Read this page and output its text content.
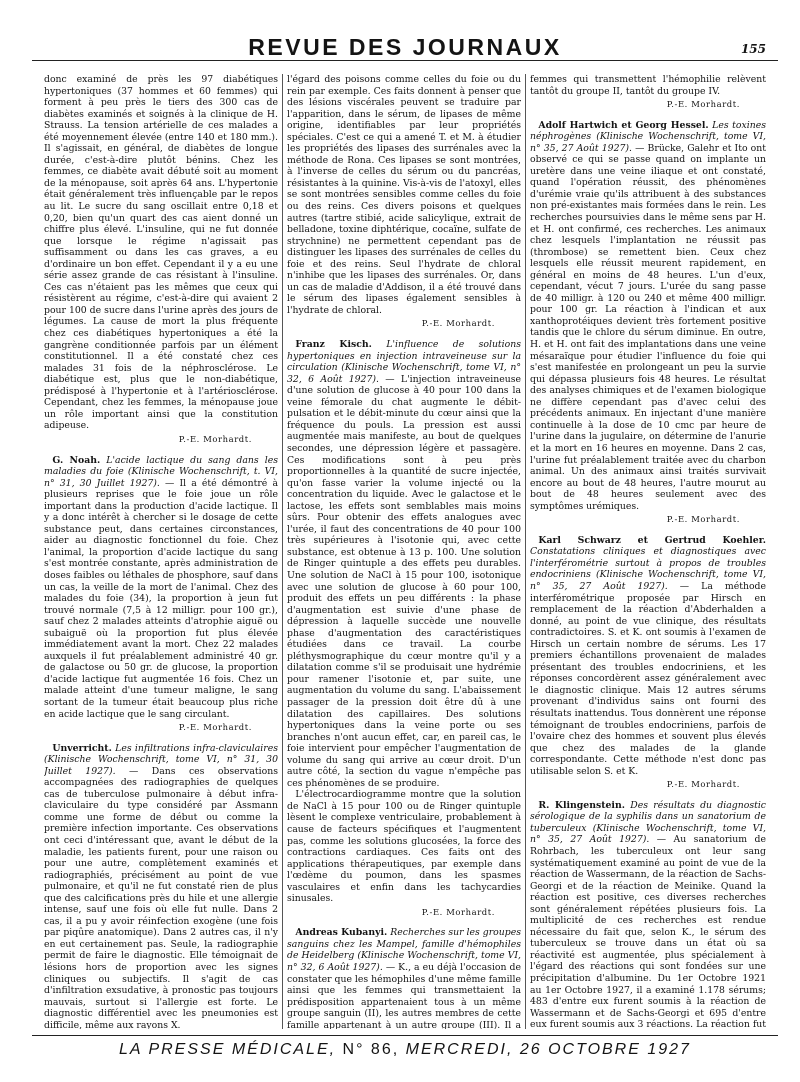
REVUE DES JOURNAUX	155

donc examiné de près les 97 diabétiques hypertoniques (37 hommes et 60 femmes) qui forment à peu près le tiers des 300 cas de diabètes examinés et soignés à la clinique de H. Strauss. La tension artérielle de ces malades a été moyennement élevée (entre 140 et 180 mm.). Il s'agissait, en général, de diabètes de longue durée, c'est-à-dire plutôt bénins. Chez les femmes, ce diabète avait débuté soit au moment de la ménopause, soit après 64 ans. L'hypertonie était généralement très influençable par le repos au lit. Le sucre du sang oscillait entre 0,18 et 0,20, bien qu'un quart des cas aient donné un chiffre plus élevé. L'insuline, qui ne fut donnée que lorsque le régime n'agissait pas suffisamment ou dans les cas graves, a eu d'ordinaire un bon effet. Cependant il y a eu une série assez grande de cas résistant à l'insuline. Ces cas n'étaient pas les mêmes que ceux qui résistèrent au régime, c'est-à-dire qui avaient 2 pour 100 de sucre dans l'urine après des jours de légumes. La cause de mort la plus fréquente chez ces diabétiques hypertoniques a été la gangrène conditionnée parfois par un élément constitutionnel. Il a été constaté chez ces malades 31 fois de la néphrosclérose. Le diabétique est, plus que le non-diabétique, prédisposé à l'hypertonie et à l'artériosclérose. Cependant, chez les femmes, la ménopause joue un rôle important ainsi que la constitution adipeuse.

P.-E. Morhardt.

G. Noah. L'acide lactique du sang dans les maladies du foie (Klinische Wochenschrift, t. VI, n° 31, 30 Juillet 1927). — Il a été démontré à plusieurs reprises que le foie joue un rôle important dans la production d'acide lactique. Il y a donc intérêt à chercher si le dosage de cette substance peut, dans certaines circonstances, aider au diagnostic fonctionnel du foie. Chez l'animal, la proportion d'acide lactique du sang s'est montrée constante, après administration de doses faibles ou léthales de phosphore, sauf dans un cas, la veille de la mort de l'animal. Chez des malades du foie (34), la proportion à jeun fut trouvé normale (7,5 à 12 milligr. pour 100 gr.), sauf chez 2 malades atteints d'atrophie aiguë ou subaiguë où la proportion fut plus élevée immédiatement avant la mort. Chez 22 malades auxquels il fut préalablement administré 40 gr. de galactose ou 50 gr. de glucose, la proportion d'acide lactique fut augmentée 16 fois. Chez un malade atteint d'une tumeur maligne, le sang sortant de la tumeur était beaucoup plus riche en acide lactique que le sang circulant.

P.-E. Morhardt.

Unverricht. Les infiltrations infra-claviculaires (Klinische Wochenschrift, tome VI, n° 31, 30 Juillet 1927). — Dans ces observations accompagnées des radiographies de quelques cas de tuberculose pulmonaire à début infra-claviculaire du type considéré par Assmann comme une forme de début ou comme la première infection importante. Ces observations ont ceci d'intéressant que, avant le début de la maladie, les patients furent, pour une raison ou pour une autre, complètement examinés et radiographiés, précisément au point de vue pulmonaire, et qu'il ne fut constaté rien de plus que des calcifications près du hile et une allergie intense, sauf une fois où elle fut nulle. Dans 2 cas, il a pu y avoir réinfection exogène (une fois par piqûre anatomique). Dans 2 autres cas, il n'y en eut certainement pas. Seule, la radiographie permit de faire le diagnostic. Elle témoignait de lésions hors de proportion avec les signes cliniques ou subjectifs. Il s'agit de cas d'infiltration exsudative, à pronostic pas toujours mauvais, surtout si l'allergie est forte. Le diagnostic différentiel avec les pneumonies est difficile, même aux rayons X.

l'égard des poisons comme celles du foie ou du rein par exemple. Ces faits donnent à penser que des lésions viscérales peuvent se traduire par l'apparition, dans le sérum, de lipases de même origine, identifiables par leur propriétés spéciales. C'est ce qui a amené T. et M. à étudier les propriétés des lipases des surrénales avec la méthode de Rona. Ces lipases se sont montrées, à l'inverse de celles du sérum ou du pancréas, résistantes à la quinine. Vis-à-vis de l'atoxyl, elles se sont montrées sensibles comme celles du foie ou des reins. Ces divers poisons et quelques autres (tartre stibié, acide salicylique, extrait de belladone, toxine diphtérique, cocaïne, sulfate de strychnine) ne permettent cependant pas de distinguer les lipases des surrénales de celles du foie et des reins. Seul l'hydrate de chloral n'inhibe que les lipases des surrénales. Or, dans un cas de maladie d'Addison, il a été trouvé dans le sérum des lipases également sensibles à l'hydrate de chloral.

P.-E. Morhardt.

Franz Kisch. L'influence de solutions hypertoniques en injection intraveineuse sur la circulation (Klinische Wochenschrift, tome VI, n° 32, 6 Août 1927). — L'injection intraveineuse d'une solution de glucose à 40 pour 100 dans la veine fémorale du chat augmente le débit-pulsation et le débit-minute du cœur ainsi que la fréquence du pouls. La pression est aussi augmentée mais manifeste, au bout de quelques secondes, une dépression légère et passagère. Ces modifications sont à peu près proportionnelles à la quantité de sucre injectée, qu'on fasse varier la volume injecté ou la concentration du liquide. Avec le galactose et le lactose, les effets sont semblables mais moins sûrs. Pour obtenir des effets analogues avec l'urée, il faut des concentrations de 40 pour 100 très supérieures à l'isotonie qui, avec cette substance, est obtenue à 13 p. 100. Une solution de Ringer quintuple a des effets peu durables. Une solution de NaCl à 15 pour 100, isotonique avec une solution de glucose à 60 pour 100, produit des effets un peu différents : la phase d'augmentation est suivie d'une phase de dépression à laquelle succède une nouvelle phase d'augmentation des caractéristiques étudiées dans ce travail. La courbe pléthysmographique du cœur montre qu'il y a dilatation comme s'il se produisait une hydrémie pour ramener l'isotonie et, par suite, une augmentation du volume du sang. L'abaissement passager de la pression doit être dû à une dilatation des capillaires. Des solutions hypertoniques dans la veine porte ou ses branches n'ont aucun effet, car, en pareil cas, le foie intervient pour empêcher l'augmentation de volume du sang qui arrive au cœur droit. D'un autre côté, la section du vague n'empêche pas ces phénomènes de se produire.

L'électrocardiogramme montre que la solution de NaCl à 15 pour 100 ou de Ringer quintuple lèsent le complexe ventriculaire, probablement à cause de facteurs spécifiques et l'augmentent pas, comme les solutions glucosées, la force des contractions cardiaques. Ces faits ont des applications thérapeutiques, par exemple dans l'œdème du poumon, dans les spasmes vasculaires et enfin dans les tachycardies sinusales.

P.-E. Morhardt.

Andreas Kubanyi. Recherches sur les groupes sanguins chez les Mampel, famille d'hémophiles de Heidelberg (Klinische Wochenschrift, tome VI, n° 32, 6 Août 1927). — K., a eu déjà l'occasion de constater que les hémophiles d'une même famille ainsi que les femmes qui transmettaient la prédisposition appartenaient tous à un même groupe sanguin (II), les autres membres de cette famille appartenant à un autre groupe (III). Il a

femmes qui transmettent l'hémophilie relèvent tantôt du groupe II, tantôt du groupe IV.

P.-E. Morhardt.

Adolf Hartwich et Georg Hessel. Les toxines néphrogènes (Klinische Wochenschrift, tome VI, n° 35, 27 Août 1927). — Brücke, Galehr et Ito ont observé ce qui se passe quand on implante un uretère dans une veine iliaque et ont constaté, quand l'opération réussit, des phénomènes d'urémie vraie qu'ils attribuent à des substances non pré-existantes mais formées dans le rein. Les recherches poursuivies dans le même sens par H. et H. ont confirmé, ces recherches. Les animaux chez lesquels l'implantation ne réussit pas (thrombose) se remettent bien. Ceux chez lesquels elle réussit meurent rapidement, en général en moins de 48 heures. L'un d'eux, cependant, vécut 7 jours. L'urée du sang passe de 40 milligr. à 120 ou 240 et même 400 milligr. pour 100 gr. La réaction à l'indican et aux xanthoprotéiques devient très fortement positive tandis que le chlore du sérum diminue. En outre, H. et H. ont fait des implantations dans une veine mésaraïque pour étudier l'influence du foie qui s'est manifestée en prolongeant un peu la survie qui dépassa plusieurs fois 48 heures. Le résultat des analyses chimiques et de l'examen biologique ne diffère cependant pas d'avec celui des précédents animaux. En injectant d'une manière continuelle à la dose de 10 cmc par heure de l'urine dans la jugulaire, on détermine de l'anurie et la mort en 16 heures en moyenne. Dans 2 cas, l'urine fut préalablement traitée avec du charbon animal. Un des animaux ainsi traités survivait encore au bout de 48 heures, l'autre mourut au bout de 48 heures seulement avec des symptômes urémiques.

P.-E. Morhardt.

Karl Schwarz et Gertrud Koehler. Constatations cliniques et diagnostiques avec l'interférométrie surtout à propos de troubles endocriniens (Klinische Wochenschrift, tome VI, n° 35, 27 Août 1927). — La méthode interférométrique proposée par Hirsch en remplacement de la réaction d'Abderhalden a donné, au point de vue clinique, des résultats contradictoires. S. et K. ont soumis à l'examen de Hirsch un certain nombre de sérums. Les 17 premiers échantillons provenaient de malades présentant des troubles endocriniens, et les réponses concordèrent assez généralement avec le diagnostic clinique. Mais 12 autres sérums provenant d'individus sains ont fourni des résultats inattendus. Tous donnèrent une réponse témoignant de troubles endocriniens, parfois de l'ovaire chez des hommes et souvent plus élevés que chez des malades de la glande correspondante. Cette méthode n'est donc pas utilisable selon S. et K.

P.-E. Morhardt.

R. Klingenstein. Des résultats du diagnostic sérologique de la syphilis dans un sanatorium de tuberculeux (Klinische Wochenschrift, tome VI, n° 35, 27 Août 1927). — Au sanatorium de Rohrbach, les tuberculeux ont leur sang systématiquement examiné au point de vue de la réaction de Wassermann, de la réaction de Sachs-Georgi et de la réaction de Meinike. Quand la réaction est positive, ces diverses recherches sont généralement répétées plusieurs fois. La multiplicité de ces recherches est rendue nécessaire du fait que, selon K., le sérum des tuberculeux se trouve dans un état où sa réactivité est augmentée, plus spécialement à l'égard des réactions qui sont fondées sur une précipitation d'albumine. Du 1er Octobre 1921 au 1er Octobre 1927, il a examiné 1.178 sérums; 483 d'entre eux furent soumis à la réaction de Wassermann et de Sachs-Georgi et 695 d'entre eux furent soumis aux 3 réactions. La réaction fut

LA PRESSE MÉDICALE, N° 86, MERCREDI, 26 OCTOBRE 1927
